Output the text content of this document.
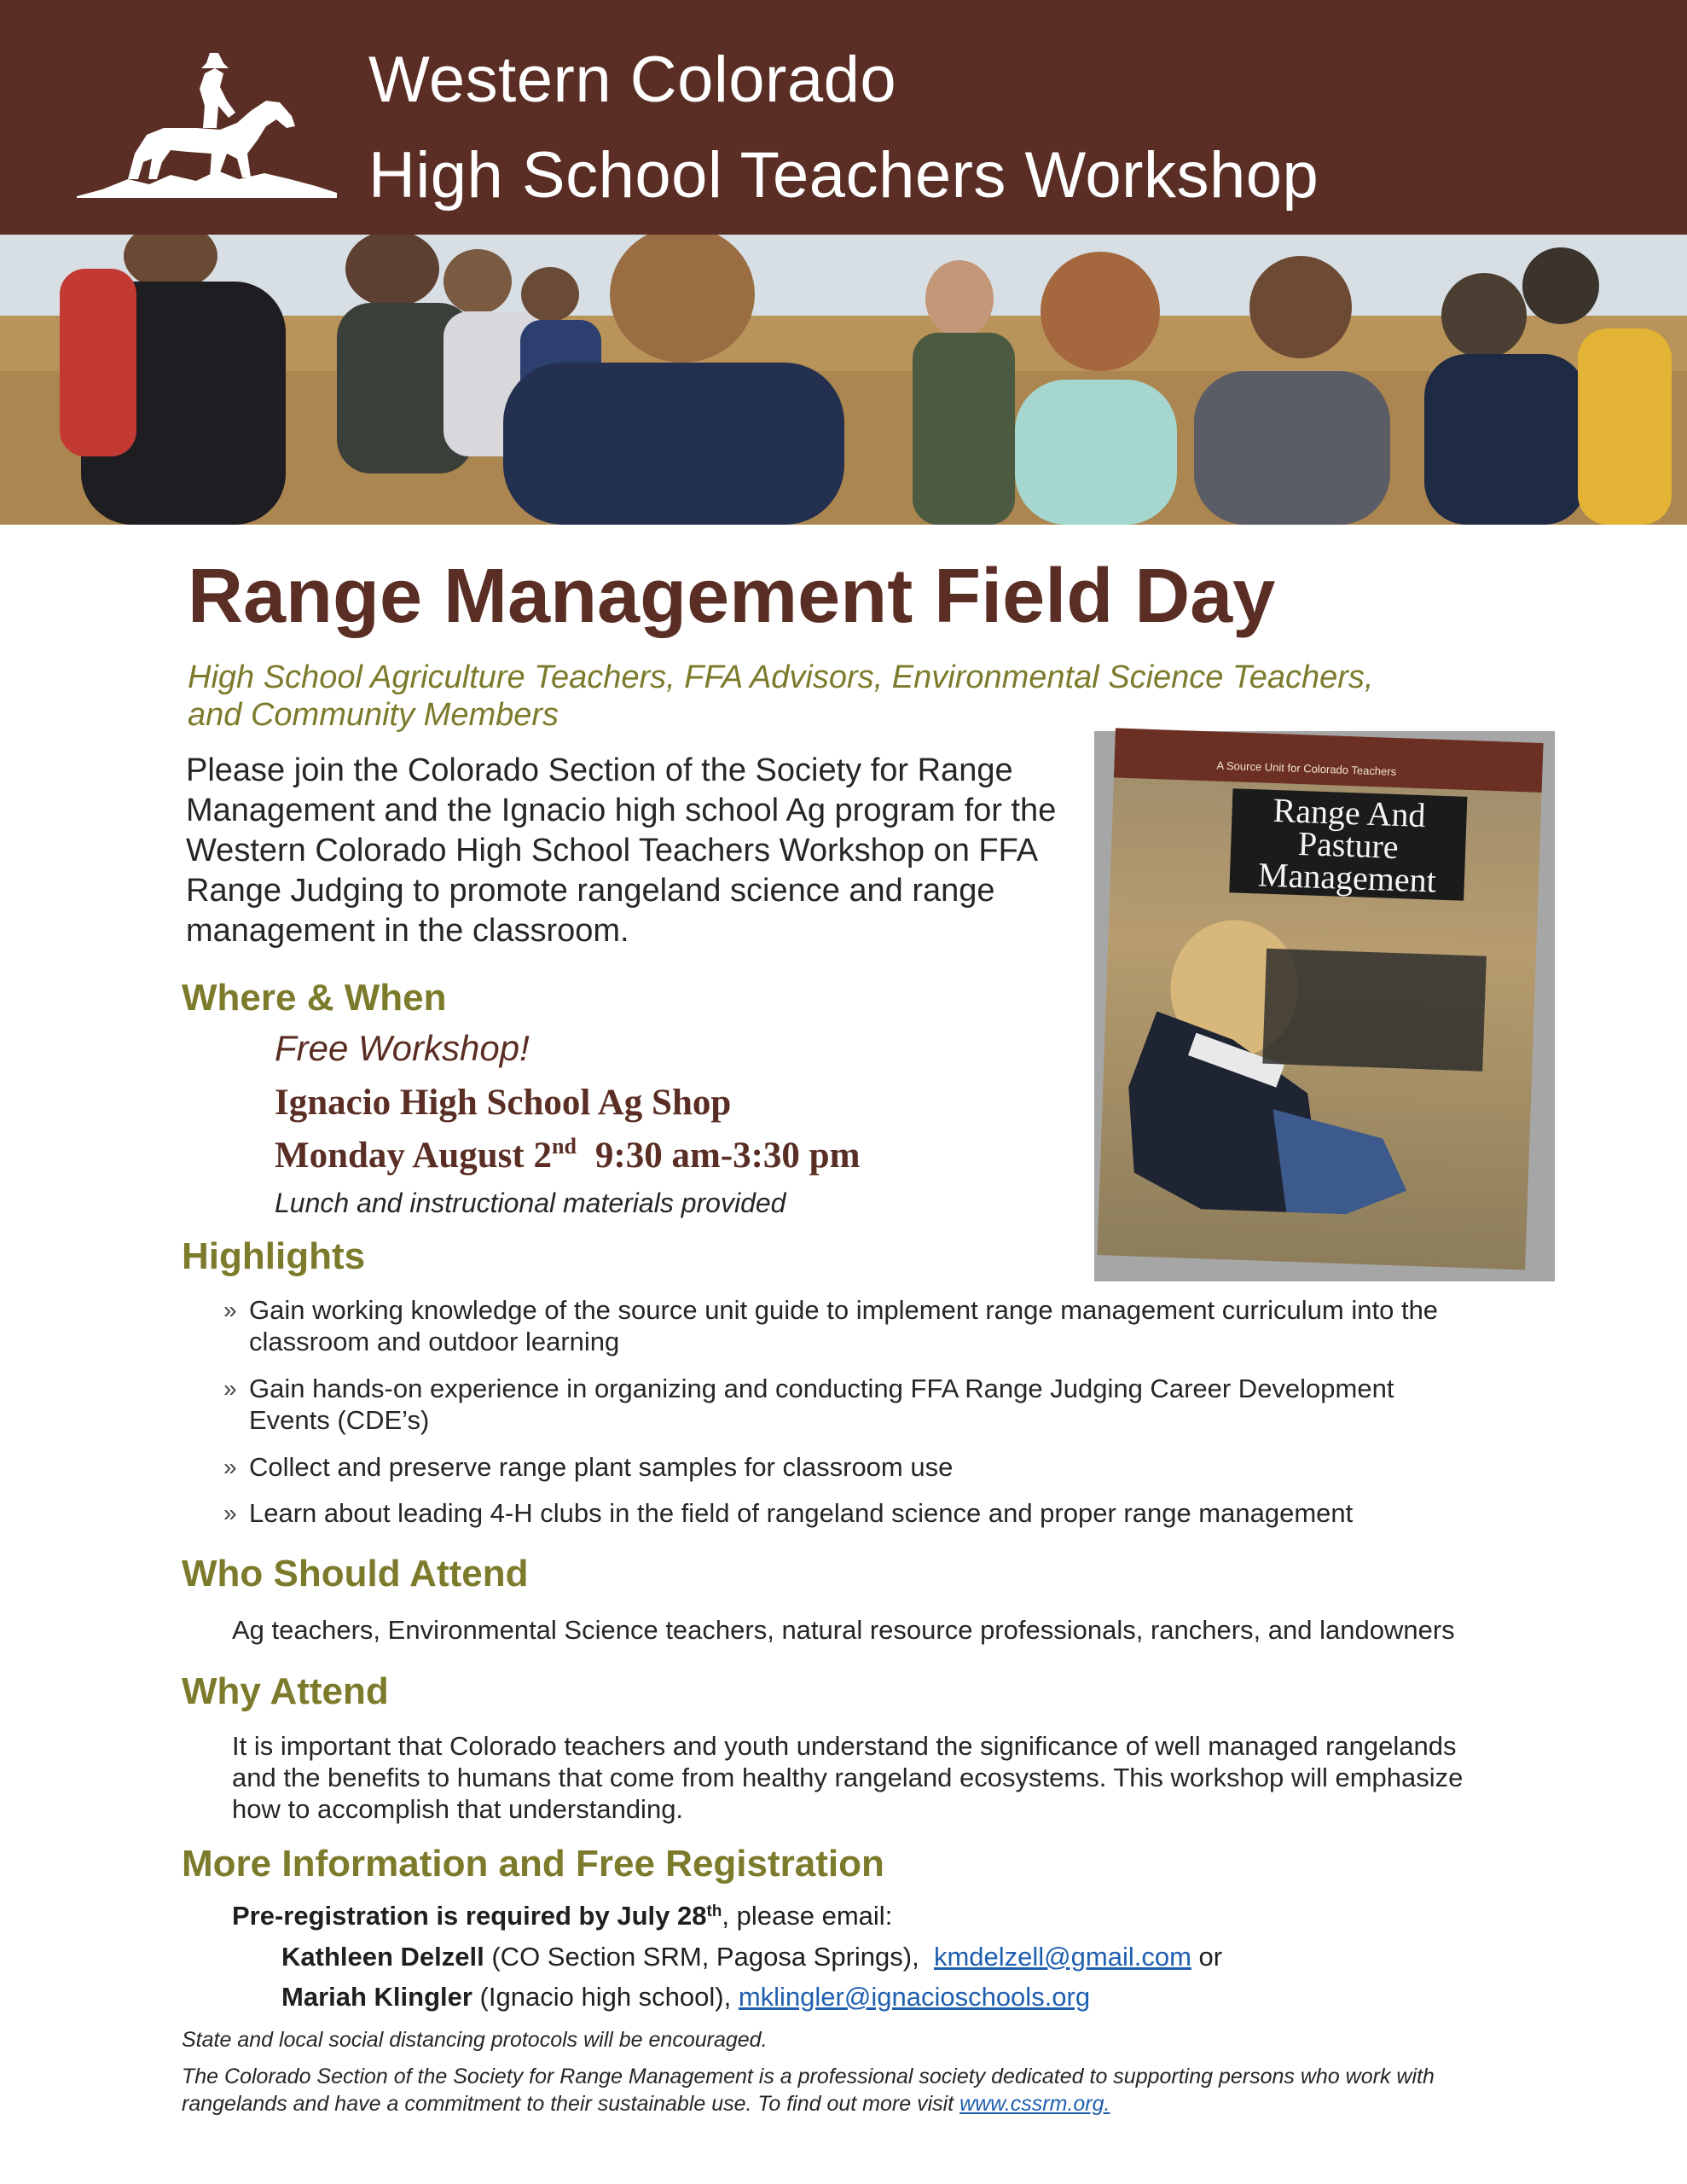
Western Colorado
High School Teachers Workshop
Range Management Field Day
High School Agriculture Teachers, FFA Advisors, Environmental Science Teachers, and Community Members
Please join the Colorado Section of the Society for Range Management and the Ignacio high school Ag program for the Western Colorado High School Teachers Workshop on FFA Range Judging to promote rangeland science and range management in the classroom.
A Source Unit for Colorado Teachers
Range And
Pasture
Management
Where & When
Free Workshop!
Ignacio High School Ag Shop
Monday August 2nd 9:30 am-3:30 pm
Lunch and instructional materials provided
Highlights
» Gain working knowledge of the source unit guide to implement range management curriculum into the classroom and outdoor learning
» Gain hands-on experience in organizing and conducting FFA Range Judging Career Development Events (CDE’s)
» Collect and preserve range plant samples for classroom use
» Learn about leading 4-H clubs in the field of rangeland science and proper range management
Who Should Attend
Ag teachers, Environmental Science teachers, natural resource professionals, ranchers, and landowners
Why Attend
It is important that Colorado teachers and youth understand the significance of well managed rangelands and the benefits to humans that come from healthy rangeland ecosystems. This workshop will emphasize how to accomplish that understanding.
More Information and Free Registration
Pre-registration is required by July 28th, please email:
Kathleen Delzell (CO Section SRM, Pagosa Springs), kmdelzell@gmail.com or
Mariah Klingler (Ignacio high school), mklingler@ignacioschools.org
State and local social distancing protocols will be encouraged.
The Colorado Section of the Society for Range Management is a professional society dedicated to supporting persons who work with rangelands and have a commitment to their sustainable use. To find out more visit www.cssrm.org.
